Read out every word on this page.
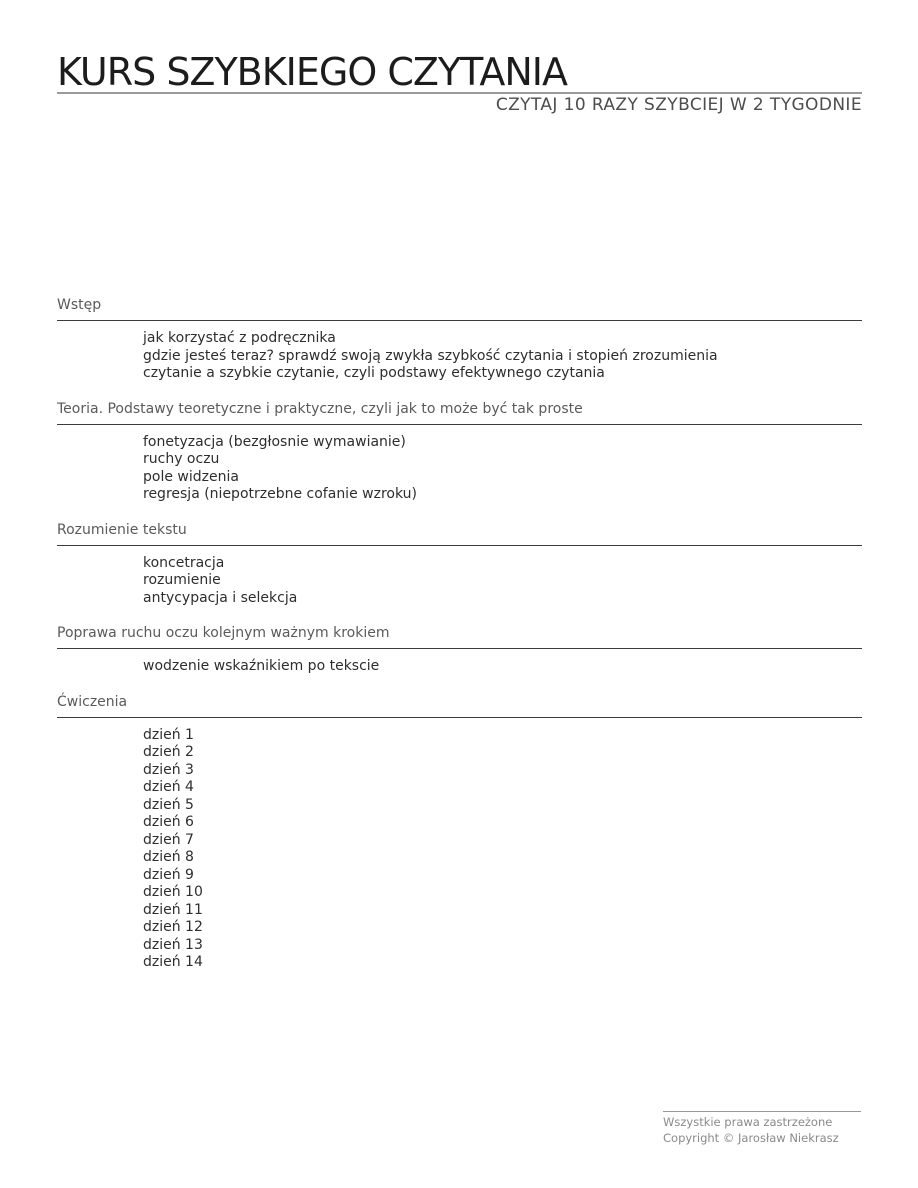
KURS SZYBKIEGO CZYTANIA
CZYTAJ 10 RAZY SZYBCIEJ W 2 TYGODNIE
Wstęp
jak korzystać z podręcznika
gdzie jesteś teraz? sprawdź swoją zwykła szybkość czytania i stopień zrozumienia
czytanie a szybkie czytanie, czyli podstawy efektywnego czytania
Teoria. Podstawy teoretyczne i praktyczne, czyli jak to może być tak proste
fonetyzacja (bezgłosnie wymawianie)
ruchy oczu
pole widzenia
regresja (niepotrzebne cofanie wzroku)
Rozumienie tekstu
koncetracja
rozumienie
antycypacja i selekcja
Poprawa ruchu oczu kolejnym ważnym krokiem
wodzenie wskaźnikiem po tekscie
Ćwiczenia
dzień 1
dzień 2
dzień 3
dzień 4
dzień 5
dzień 6
dzień 7
dzień 8
dzień 9
dzień 10
dzień 11
dzień 12
dzień 13
dzień 14
Wszystkie prawa zastrzeżone
Copyright © Jarosław Niekrasz
